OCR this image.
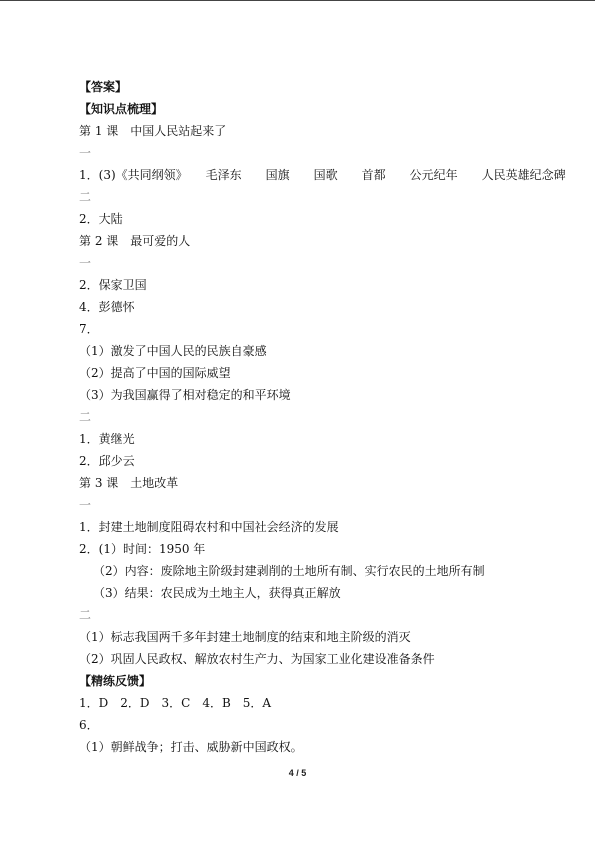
【答案】
【知识点梳理】
第 1 课　中国人民站起来了
一
1．(3)《共同纲领》　　毛泽东　　国旗　　国歌　　首都　　公元纪年　　人民英雄纪念碑
二
2．大陆
第 2 课　最可爱的人
一
2．保家卫国
4．彭德怀
7．
（1）激发了中国人民的民族自豪感
（2）提高了中国的国际威望
（3）为我国赢得了相对稳定的和平环境
二
1．黄继光
2．邱少云
第 3 课　土地改革
一
1．封建土地制度阻碍农村和中国社会经济的发展
2．(1）时间：1950 年
（2）内容：废除地主阶级封建剥削的土地所有制、实行农民的土地所有制
（3）结果：农民成为土地主人，获得真正解放
二
（1）标志我国两千多年封建土地制度的结束和地主阶级的消灭
（2）巩固人民政权、解放农村生产力、为国家工业化建设准备条件
【精练反馈】
1．D　2．D　3．C　4．B　5．A
6．
（1）朝鲜战争；打击、威胁新中国政权。
4 / 5
